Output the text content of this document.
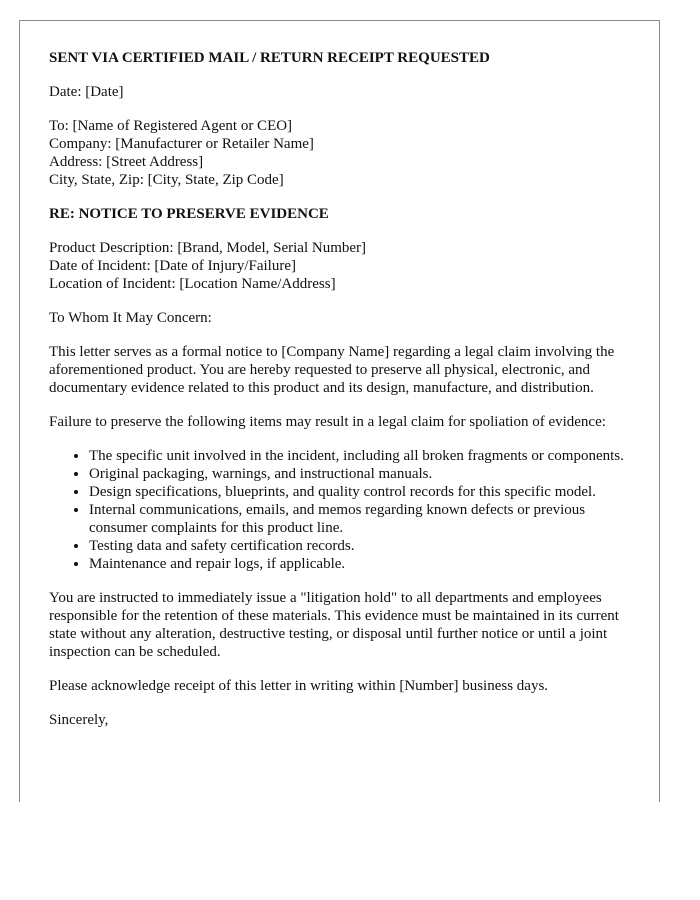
SENT VIA CERTIFIED MAIL / RETURN RECEIPT REQUESTED

Date: [Date]

To: [Name of Registered Agent or CEO]
Company: [Manufacturer or Retailer Name]
Address: [Street Address]
City, State, Zip: [City, State, Zip Code]

RE: NOTICE TO PRESERVE EVIDENCE

Product Description: [Brand, Model, Serial Number]
Date of Incident: [Date of Injury/Failure]
Location of Incident: [Location Name/Address]

To Whom It May Concern:

This letter serves as a formal notice to [Company Name] regarding a legal claim involving the aforementioned product. You are hereby requested to preserve all physical, electronic, and documentary evidence related to this product and its design, manufacture, and distribution.

Failure to preserve the following items may result in a legal claim for spoliation of evidence:

• The specific unit involved in the incident, including all broken fragments or components.
• Original packaging, warnings, and instructional manuals.
• Design specifications, blueprints, and quality control records for this specific model.
• Internal communications, emails, and memos regarding known defects or previous consumer complaints for this product line.
• Testing data and safety certification records.
• Maintenance and repair logs, if applicable.

You are instructed to immediately issue a "litigation hold" to all departments and employees responsible for the retention of these materials. This evidence must be maintained in its current state without any alteration, destructive testing, or disposal until further notice or until a joint inspection can be scheduled.

Please acknowledge receipt of this letter in writing within [Number] business days.

Sincerely,
